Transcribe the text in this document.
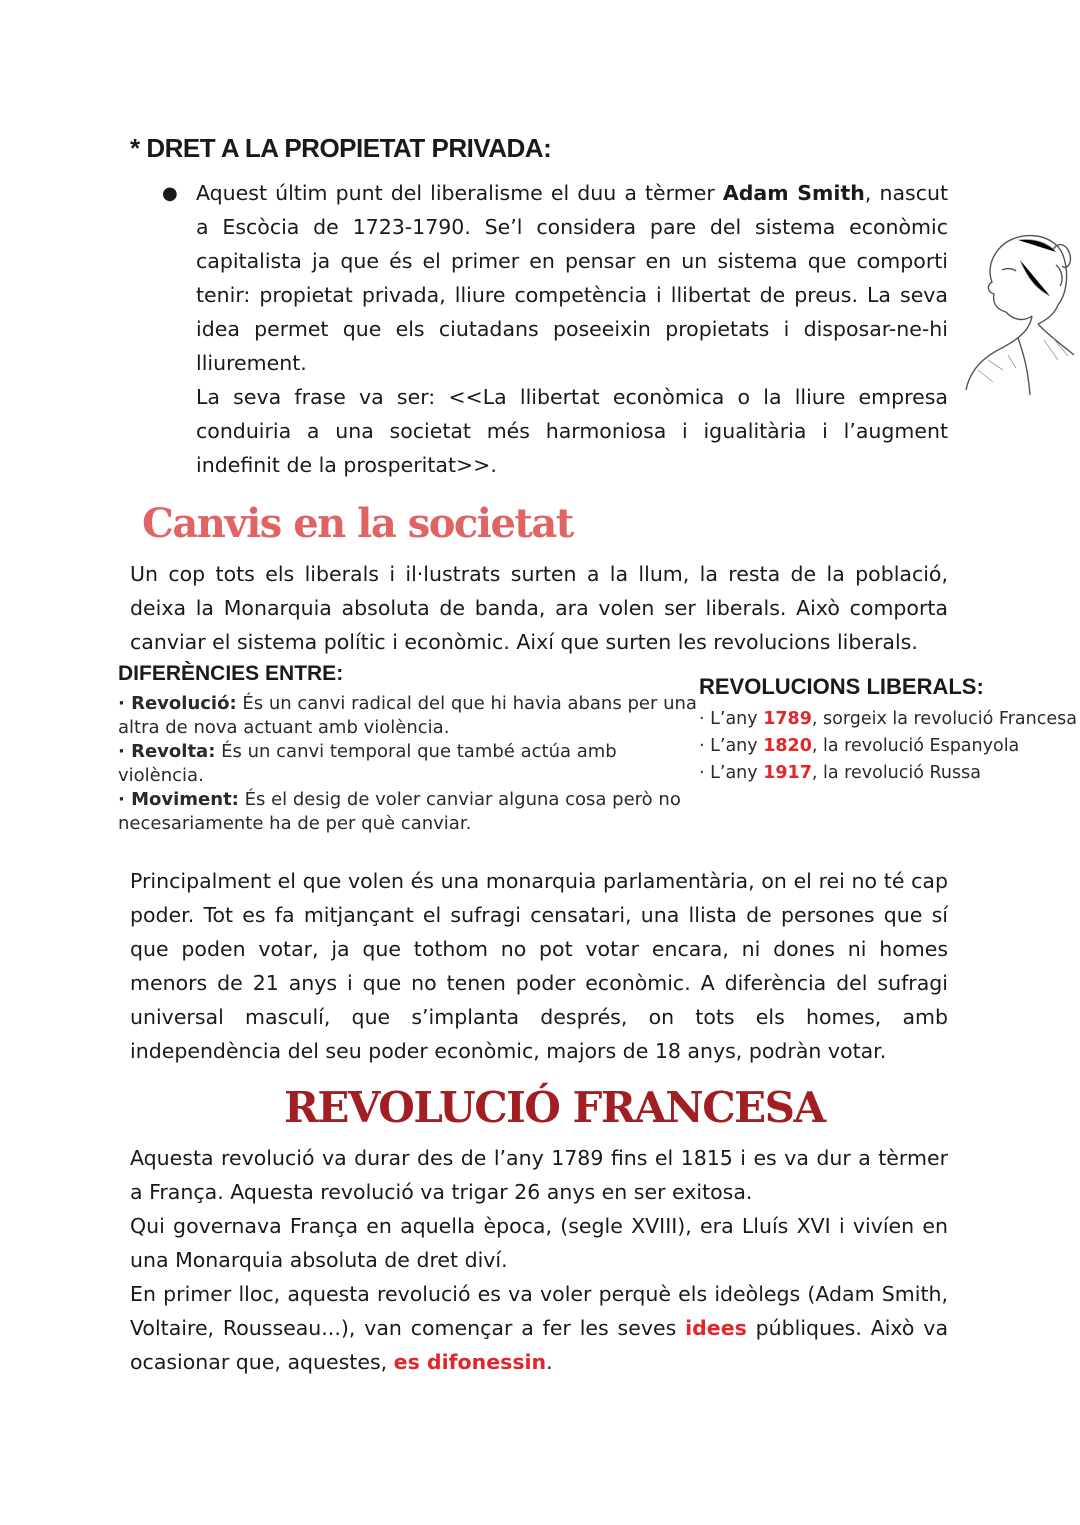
* DRET A LA PROPIETAT PRIVADA:
● Aquest últim punt del liberalisme el duu a tèrmer Adam Smith, nascut a Escòcia de 1723-1790. Se’l considera pare del sistema econòmic capitalista ja que és el primer en pensar en un sistema que comporti tenir: propietat privada, lliure competència i llibertat de preus. La seva idea permet que els ciutadans poseeixin propietats i disposar-ne-hi lliurement.
La seva frase va ser: <<La llibertat econòmica o la lliure empresa conduiria a una societat més harmoniosa i igualitària i l’augment indefinit de la prosperitat>>.
Canvis en la societat
Un cop tots els liberals i il·lustrats surten a la llum, la resta de la població, deixa la Monarquia absoluta de banda, ara volen ser liberals. Això comporta canviar el sistema polític i econòmic. Així que surten les revolucions liberals.
DIFERÈNCIES ENTRE:

· Revolució: És un canvi radical del que hi havia abans per una altra de nova actuant amb violència.

· Revolta: És un canvi temporal que també actúa amb violència.

· Moviment: És el desig de voler canviar alguna cosa però no necesariamente ha de per què canviar.

REVOLUCIONS LIBERALS:

· L’any 1789, sorgeix la revolució Francesa

· L’any 1820, la revolució Espanyola

· L’any 1917, la revolució Russa

Principalment el que volen és una monarquia parlamentària, on el rei no té cap poder. Tot es fa mitjançant el sufragi censatari, una llista de persones que sí que poden votar, ja que tothom no pot votar encara, ni dones ni homes menors de 21 anys i que no tenen poder econòmic. A diferència del sufragi universal masculí, que s’implanta després, on tots els homes, amb independència del seu poder econòmic, majors de 18 anys, podràn votar.
REVOLUCIÓ FRANCESA
Aquesta revolució va durar des de l’any 1789 fins el 1815 i es va dur a tèrmer a França. Aquesta revolució va trigar 26 anys en ser exitosa.
Qui governava França en aquella època, (segle XVIII), era Lluís XVI i vivíen en una Monarquia absoluta de dret diví.
En primer lloc, aquesta revolució es va voler perquè els ideòlegs (Adam Smith, Voltaire, Rousseau...), van començar a fer les seves idees públiques. Això va ocasionar que, aquestes, es difonessin.
